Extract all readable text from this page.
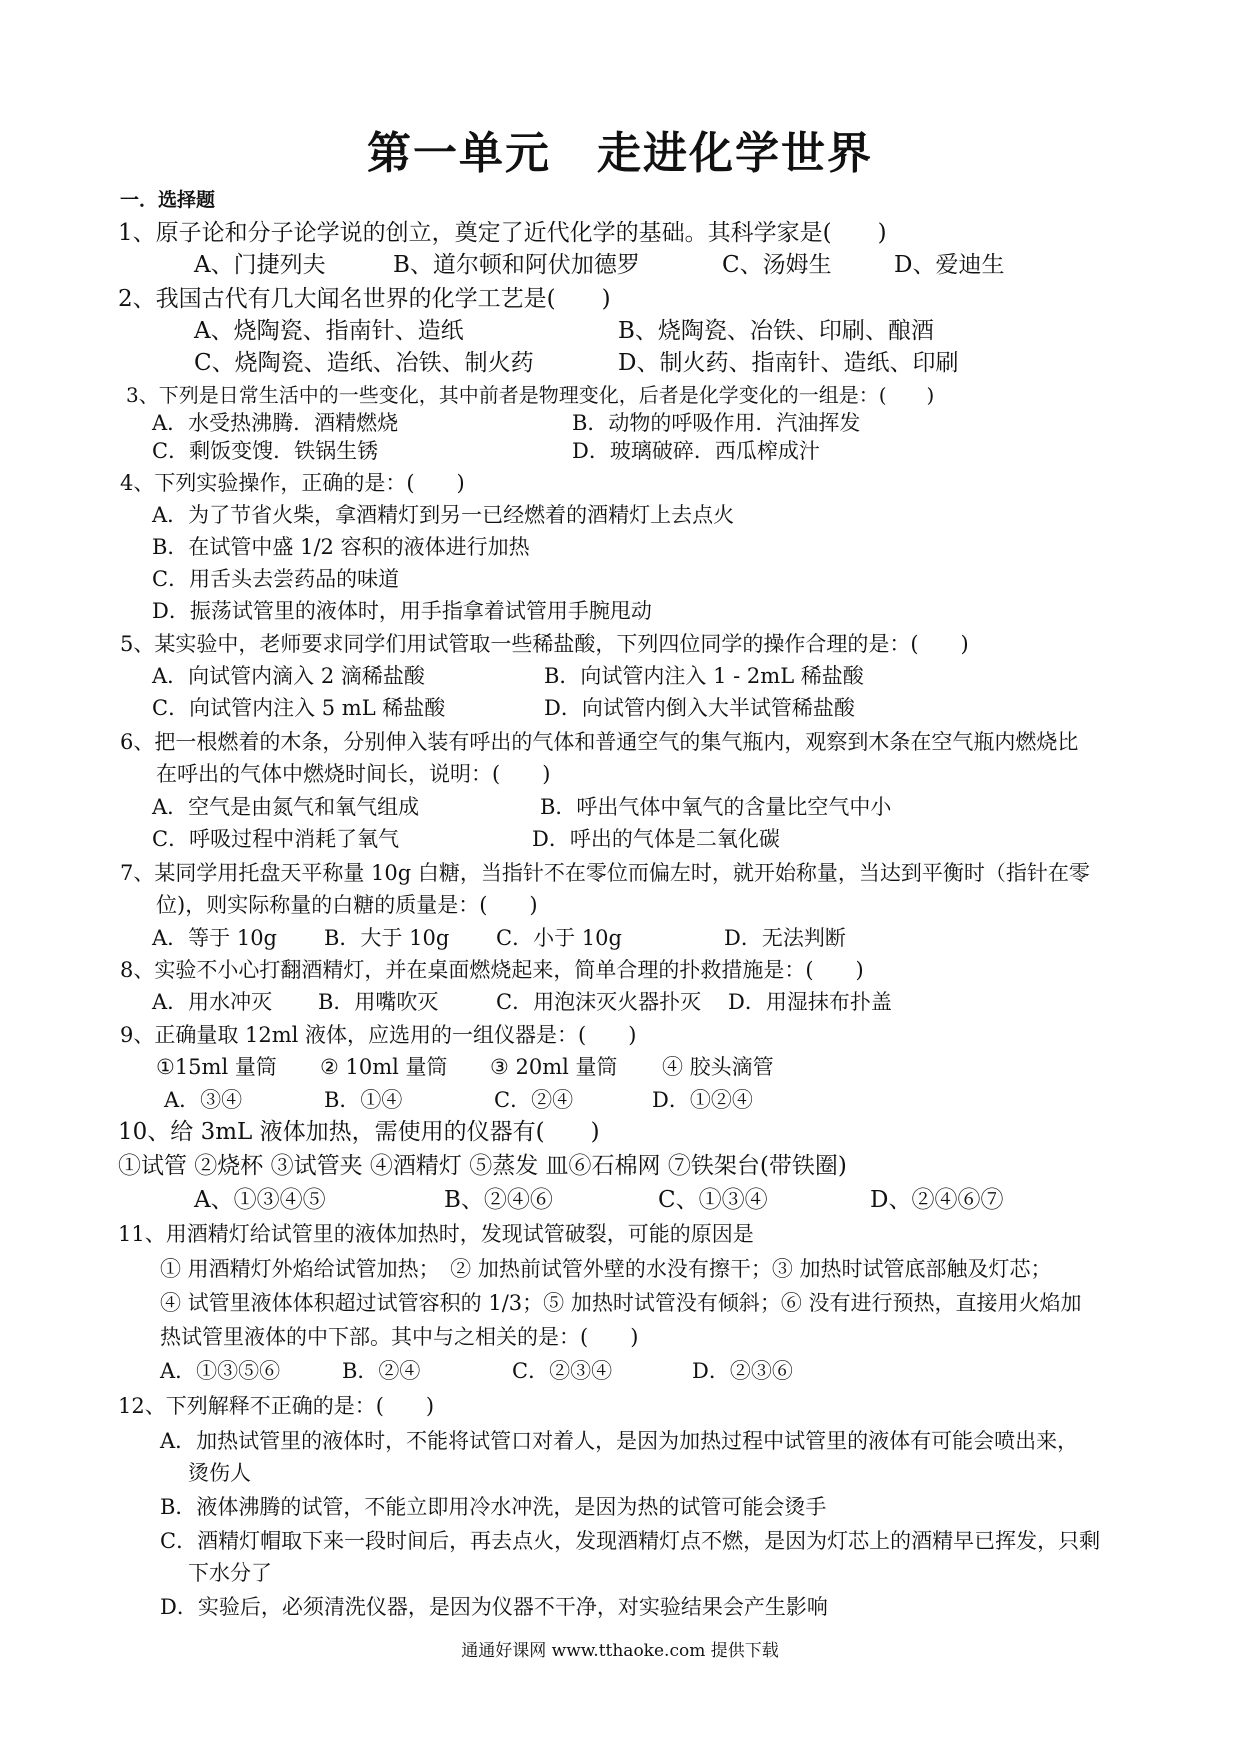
第一单元　走进化学世界
一．选择题
1、原子论和分子论学说的创立，奠定了近代化学的基础。其科学家是(　　)
A、门捷列夫	B、道尔顿和阿伏加德罗	C、汤姆生	D、爱迪生
2、我国古代有几大闻名世界的化学工艺是(　　)
A、烧陶瓷、指南针、造纸	B、烧陶瓷、冶铁、印刷、酿酒
C、烧陶瓷、造纸、冶铁、制火药	D、制火药、指南针、造纸、印刷
3、下列是日常生活中的一些变化，其中前者是物理变化，后者是化学变化的一组是：(　　)
A．水受热沸腾．酒精燃烧	B．动物的呼吸作用．汽油挥发
C．剩饭变馊．铁锅生锈	D．玻璃破碎．西瓜榨成汁
4、下列实验操作，正确的是：(　　)
A．为了节省火柴，拿酒精灯到另一已经燃着的酒精灯上去点火
B．在试管中盛 1/2 容积的液体进行加热
C．用舌头去尝药品的味道
D．振荡试管里的液体时，用手指拿着试管用手腕甩动
5、某实验中，老师要求同学们用试管取一些稀盐酸，下列四位同学的操作合理的是：(　　)
A．向试管内滴入 2 滴稀盐酸	B．向试管内注入 1 - 2mL 稀盐酸
C．向试管内注入 5 mL 稀盐酸	D．向试管内倒入大半试管稀盐酸
6、把一根燃着的木条，分别伸入装有呼出的气体和普通空气的集气瓶内，观察到木条在空气瓶内燃烧比
在呼出的气体中燃烧时间长，说明：(　　)
A．空气是由氮气和氧气组成	B．呼出气体中氧气的含量比空气中小
C．呼吸过程中消耗了氧气	D．呼出的气体是二氧化碳
7、某同学用托盘天平称量 10g 白糖，当指针不在零位而偏左时，就开始称量，当达到平衡时（指针在零
位)，则实际称量的白糖的质量是：(　　)
A．等于 10g B．大于 10g C．小于 10g	D．无法判断
8、实验不小心打翻酒精灯，并在桌面燃烧起来，简单合理的扑救措施是：(　　)
A．用水冲灭 B．用嘴吹灭	C．用泡沫灭火器扑灭 D．用湿抹布扑盖
9、正确量取 12ml 液体，应选用的一组仪器是：(　　)
①15ml 量筒 ② 10ml 量筒 ③ 20ml 量筒 ④ 胶头滴管
A．③④	B．①④	C．②④	D．①②④
10、给 3mL 液体加热，需使用的仪器有(　　)
①试管 ②烧杯 ③试管夹 ④酒精灯 ⑤蒸发 皿⑥石棉网 ⑦铁架台(带铁圈)
A、①③④⑤	B、②④⑥	C、①③④	D、②④⑥⑦
11、用酒精灯给试管里的液体加热时，发现试管破裂，可能的原因是
① 用酒精灯外焰给试管加热；　② 加热前试管外壁的水没有擦干；③ 加热时试管底部触及灯芯；
④ 试管里液体体积超过试管容积的 1/3；⑤ 加热时试管没有倾斜；⑥ 没有进行预热，直接用火焰加
热试管里液体的中下部。其中与之相关的是：(　　)
A．①③⑤⑥	B．②④	C．②③④	D．②③⑥
12、下列解释不正确的是：(　　)
A．加热试管里的液体时，不能将试管口对着人，是因为加热过程中试管里的液体有可能会喷出来，
烫伤人
B．液体沸腾的试管，不能立即用冷水冲洗，是因为热的试管可能会烫手
C．酒精灯帽取下来一段时间后，再去点火，发现酒精灯点不燃，是因为灯芯上的酒精早已挥发，只剩
下水分了
D．实验后，必须清洗仪器，是因为仪器不干净，对实验结果会产生影响
通通好课网 www.tthaoke.com 提供下载
